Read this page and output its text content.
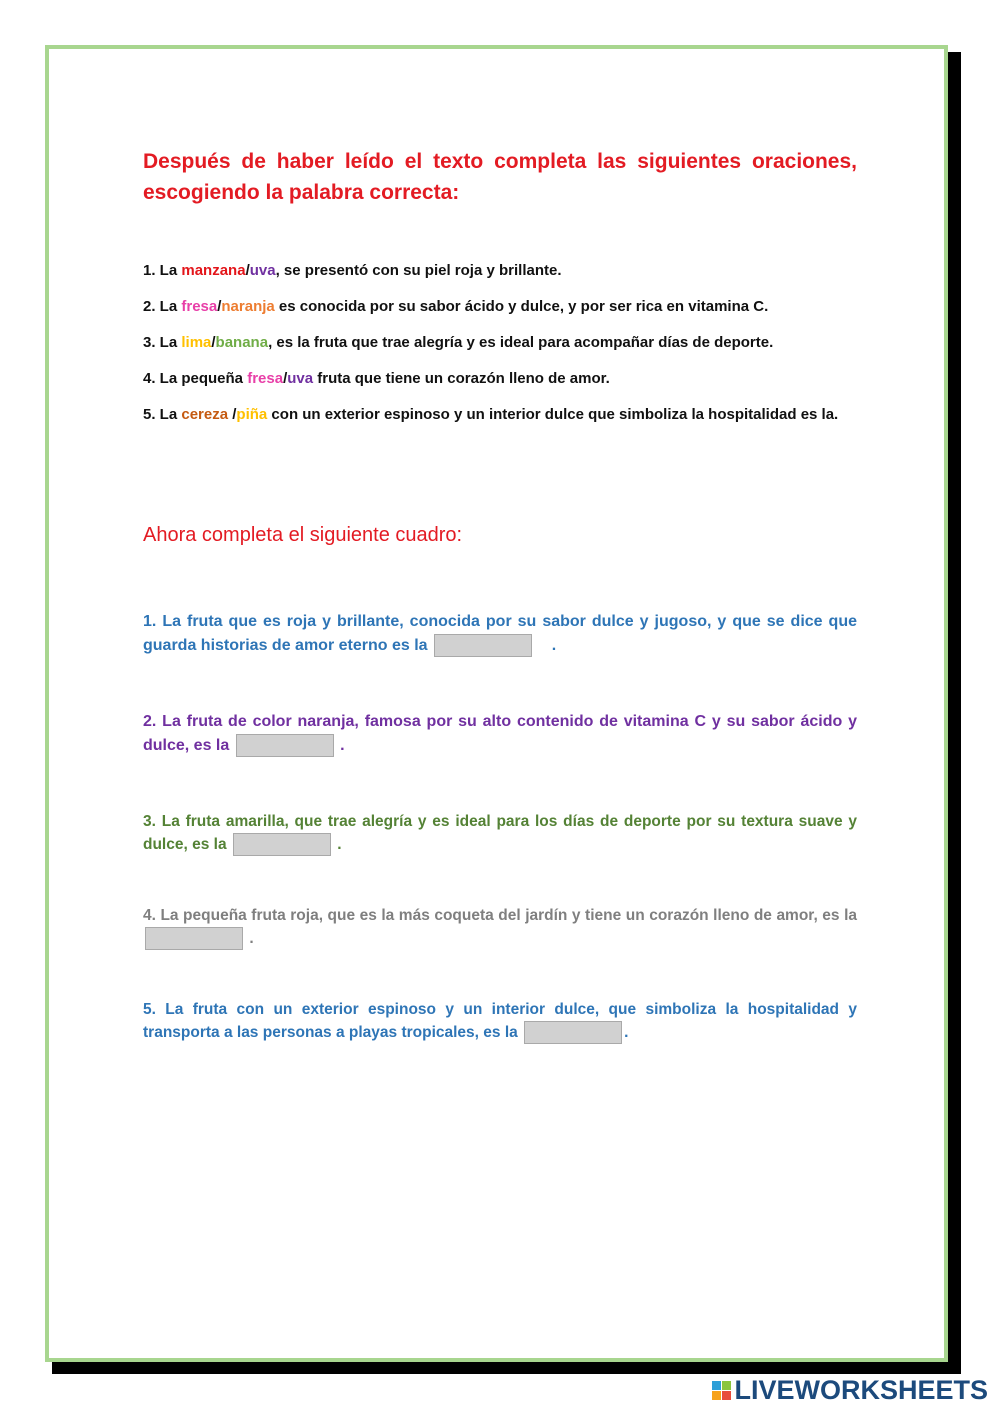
Después de haber leído el texto completa las siguientes oraciones, escogiendo la palabra correcta:

1. La manzana/uva, se presentó con su piel roja y brillante.

2. La fresa/naranja es conocida por su sabor ácido y dulce, y por ser rica en vitamina C.

3. La lima/banana, es la fruta que trae alegría y es ideal para acompañar días de deporte.

4. La pequeña fresa/uva fruta que tiene un corazón lleno de amor.

5. La cereza /piña con un exterior espinoso y un interior dulce que simboliza la hospitalidad es la.

Ahora completa el siguiente cuadro:

1. La fruta que es roja y brillante, conocida por su sabor dulce y jugoso, y que se dice que guarda historias de amor eterno es la	.

2. La fruta de color naranja, famosa por su alto contenido de vitamina C y su sabor ácido y dulce, es la	.

3. La fruta amarilla, que trae alegría y es ideal para los días de deporte por su textura suave y dulce, es la	.

4. La pequeña fruta roja, que es la más coqueta del jardín y tiene un corazón lleno de amor, es la  .

5. La fruta con un exterior espinoso y un interior dulce, que simboliza la hospitalidad y transporta a las personas a playas tropicales, es la	.

LIVEWORKSHEETS
